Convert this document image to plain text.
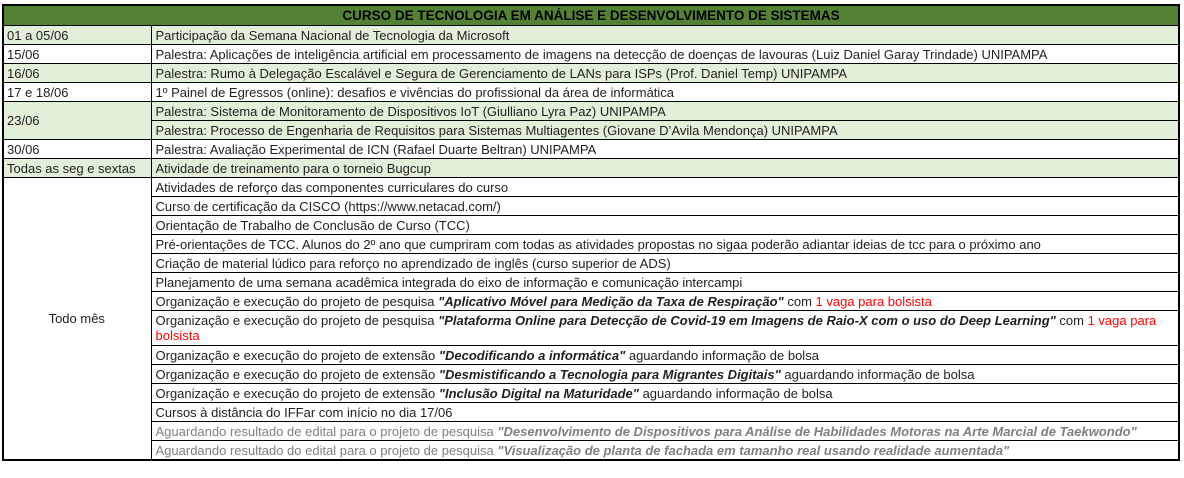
CURSO DE TECNOLOGIA EM ANÁLISE E DESENVOLVIMENTO DE SISTEMAS	
01 a 05/06	Participação da Semana Nacional de Tecnologia da Microsoft
15/06	Palestra: Aplicações de inteligência artificial em processamento de imagens na detecção de doenças de lavouras (Luiz Daniel Garay Trindade) UNIPAMPA
16/06	Palestra: Rumo à Delegação Escalável e Segura de Gerenciamento de LANs para ISPs (Prof. Daniel Temp) UNIPAMPA
17 e 18/06	1º Painel de Egressos (online): desafios e vivências do profissional da área de informática
23/06	Palestra: Sistema de Monitoramento de Dispositivos IoT (Giulliano Lyra Paz) UNIPAMPA
	Palestra: Processo de Engenharia de Requisitos para Sistemas Multiagentes (Giovane D’Avila Mendonça) UNIPAMPA
30/06	Palestra: Avaliação Experimental de ICN (Rafael Duarte Beltran) UNIPAMPA
Todas as seg e sextas	Atividade de treinamento para o torneio Bugcup
Todo mês	Atividades de reforço das componentes curriculares do curso
	Curso de certificação da CISCO (https://www.netacad.com/)
	Orientação de Trabalho de Conclusão de Curso (TCC)
	Pré-orientações de TCC. Alunos do 2º ano que cumpriram com todas as atividades propostas no sigaa poderão adiantar ideias de tcc para o próximo ano
	Criação de material lúdico para reforço no aprendizado de inglês (curso superior de ADS)
	Planejamento de uma semana acadêmica integrada do eixo de informação e comunicação intercampi
	Organização e execução do projeto de pesquisa "Aplicativo Móvel para Medição da Taxa de Respiração" com 1 vaga para bolsista
	Organização e execução do projeto de pesquisa "Plataforma Online para Detecção de Covid-19 em Imagens de Raio-X com o uso do Deep Learning" com 1 vaga para bolsista
	Organização e execução do projeto de extensão "Decodificando a informática" aguardando informação de bolsa
	Organização e execução do projeto de extensão "Desmistificando a Tecnologia para Migrantes Digitais" aguardando informação de bolsa
	Organização e execução do projeto de extensão "Inclusão Digital na Maturidade" aguardando informação de bolsa
	Cursos à distância do IFFar com início no dia 17/06
	Aguardando resultado de edital para o projeto de pesquisa "Desenvolvimento de Dispositivos para Análise de Habilidades Motoras na Arte Marcial de Taekwondo"
	Aguardando resultado do edital para o projeto de pesquisa "Visualização de planta de fachada em tamanho real usando realidade aumentada"
